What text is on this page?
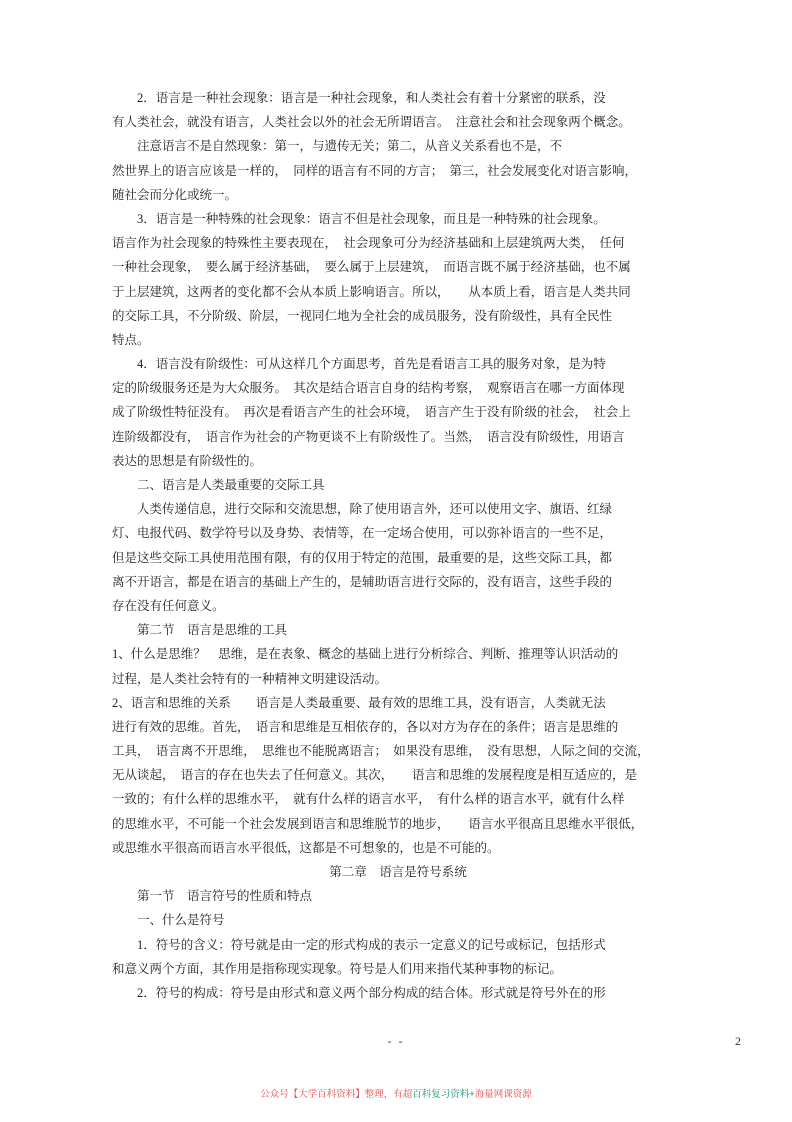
　　2．语言是一种社会现象：语言是一种社会现象，和人类社会有着十分紧密的联系，没
有人类社会，就没有语言，人类社会以外的社会无所谓语言。　注意社会和社会现象两个概念。
　　注意语言不是自然现象：第一，与遗传无关；第二，从音义关系看也不是，不
然世界上的语言应该是一样的，　同样的语言有不同的方言；　第三，社会发展变化对语言影响，
随社会而分化或统一。
　　3．语言是一种特殊的社会现象：语言不但是社会现象，而且是一种特殊的社会现象。
语言作为社会现象的特殊性主要表现在，　社会现象可分为经济基础和上层建筑两大类，　任何
一种社会现象，　要么属于经济基础，　要么属于上层建筑，　而语言既不属于经济基础，也不属
于上层建筑，这两者的变化都不会从本质上影响语言。所以，　　从本质上看，语言是人类共同
的交际工具，不分阶级、阶层，一视同仁地为全社会的成员服务，没有阶级性，具有全民性
特点。
　　4．语言没有阶级性：可从这样几个方面思考，首先是看语言工具的服务对象，是为特
定的阶级服务还是为大众服务。　其次是结合语言自身的结构考察，　观察语言在哪一方面体现
成了阶级性特征没有。　再次是看语言产生的社会环境，　语言产生于没有阶级的社会，　社会上
连阶级都没有，　语言作为社会的产物更谈不上有阶级性了。当然，　语言没有阶级性，用语言
表达的思想是有阶级性的。
　　二、语言是人类最重要的交际工具
　　人类传递信息，进行交际和交流思想，除了使用语言外，还可以使用文字、旗语、红绿
灯、电报代码、数学符号以及身势、表情等，在一定场合使用，可以弥补语言的一些不足，
但是这些交际工具使用范围有限，有的仅用于特定的范围，最重要的是，这些交际工具，都
离不开语言，都是在语言的基础上产生的，是辅助语言进行交际的，没有语言，这些手段的
存在没有任何意义。
　　第二节　语言是思维的工具
1、什么是思维？　思维，是在表象、概念的基础上进行分析综合、判断、推理等认识活动的
过程，是人类社会特有的一种精神文明建设活动。
2、语言和思维的关系　　语言是人类最重要、最有效的思维工具，没有语言，人类就无法
进行有效的思维。首先，　语言和思维是互相依存的，各以对方为存在的条件；语言是思维的
工具，　语言离不开思维，　思维也不能脱离语言；　如果没有思维，　没有思想，人际之间的交流，
无从谈起，　语言的存在也失去了任何意义。其次，　　语言和思维的发展程度是相互适应的，是
一致的；有什么样的思维水平，　就有什么样的语言水平，　有什么样的语言水平，就有什么样
的思维水平，不可能一个社会发展到语言和思维脱节的地步，　　语言水平很高且思维水平很低，
或思维水平很高而语言水平很低，这都是不可想象的，也是不可能的。
第二章　语言是符号系统
　　第一节　语言符号的性质和特点
　　一、什么是符号
　　1．符号的含义：符号就是由一定的形式构成的表示一定意义的记号或标记，包括形式
和意义两个方面，其作用是指称现实现象。符号是人们用来指代某种事物的标记。
　　2．符号的构成：符号是由形式和意义两个部分构成的结合体。形式就是符号外在的形
- -	2
公众号【大学百科资料】整理，有超百科复习资料+海量网课资源
